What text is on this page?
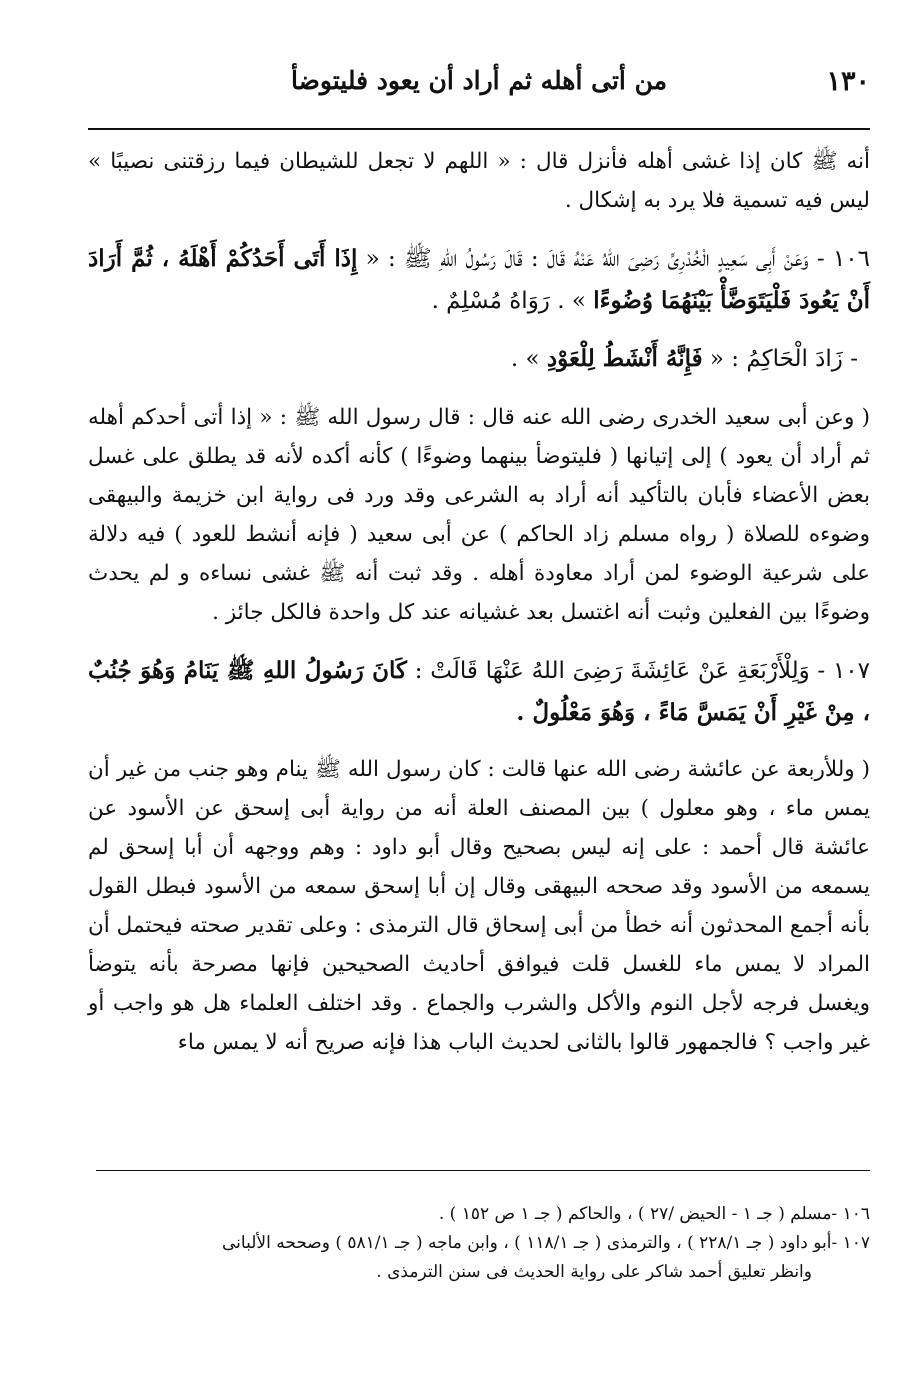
١٣٠
من أتى أهله ثم أراد أن يعود فليتوضأ

أنه ﷺ كان إذا غشى أهله فأنزل قال : « اللهم لا تجعل للشيطان فيما رزقتنى نصيبًا » ليس فيه تسمية فلا يرد به إشكال .

١٠٦ - وَعَنْ أَبِى سَعِيدٍ الْخُدْرِىِّ رَضِىَ اللهُ عَنْهُ قَالَ : قَالَ رَسُولُ اللهِ ﷺ : « إِذَا أَتَى أَحَدُكُمْ أَهْلَهُ ، ثُمَّ أَرَادَ أَنْ يَعُودَ فَلْيَتَوَضَّأْ بَيْنَهُمَا وُضُوءًا » . رَوَاهُ مُسْلِمٌ .
- زَادَ الْحَاكِمُ : « فَإِنَّهُ أَنْشَطُ لِلْعَوْدِ » .

( وعن أبى سعيد الخدرى رضى الله عنه قال : قال رسول الله ﷺ : « إذا أتى أحدكم أهله ثم أراد أن يعود ) إلى إتيانها ( فليتوضأ بينهما وضوءًا ) كأنه أكده لأنه قد يطلق على غسل بعض الأعضاء فأبان بالتأكيد أنه أراد به الشرعى وقد ورد فى رواية ابن خزيمة والبيهقى وضوءه للصلاة ( رواه مسلم زاد الحاكم ) عن أبى سعيد ( فإنه أنشط للعود ) فيه دلالة على شرعية الوضوء لمن أراد معاودة أهله . وقد ثبت أنه ﷺ غشى نساءه و لم يحدث وضوءًا بين الفعلين وثبت أنه اغتسل بعد غشيانه عند كل واحدة فالكل جائز .

١٠٧ - وَلِلْأَرْبَعَةِ عَنْ عَائِشَةَ رَضِىَ اللهُ عَنْهَا قَالَتْ : كَانَ رَسُولُ اللهِ ﷺ يَنَامُ وَهُوَ جُنُبٌ ، مِنْ غَيْرِ أَنْ يَمَسَّ مَاءً ، وَهُوَ مَعْلُولٌ .

( وللأربعة عن عائشة رضى الله عنها قالت : كان رسول الله ﷺ ينام وهو جنب من غير أن يمس ماء ، وهو معلول ) بين المصنف العلة أنه من رواية أبى إسحق عن الأسود عن عائشة قال أحمد : على إنه ليس بصحيح وقال أبو داود : وهم ووجهه أن أبا إسحق لم يسمعه من الأسود وقد صححه البيهقى وقال إن أبا إسحق سمعه من الأسود فبطل القول بأنه أجمع المحدثون أنه خطأ من أبى إسحاق قال الترمذى : وعلى تقدير صحته فيحتمل أن المراد لا يمس ماء للغسل قلت فيوافق أحاديث الصحيحين فإنها مصرحة بأنه يتوضأ ويغسل فرجه لأجل النوم والأكل والشرب والجماع . وقد اختلف العلماء هل هو واجب أو غير واجب ؟ فالجمهور قالوا بالثانى لحديث الباب هذا فإنه صريح أنه لا يمس ماء

١٠٦ -مسلم ( جـ ١ - الحيض /٢٧ ) ، والحاكم ( جـ ١ ص ١٥٢ ) .
١٠٧ -أبو داود ( جـ ٢٢٨/١ ) ، والترمذى ( جـ ١١٨/١ ) ، وابن ماجه ( جـ ٥٨١/١ ) وصححه الألبانى
وانظر تعليق أحمد شاكر على رواية الحديث فى سنن الترمذى .
